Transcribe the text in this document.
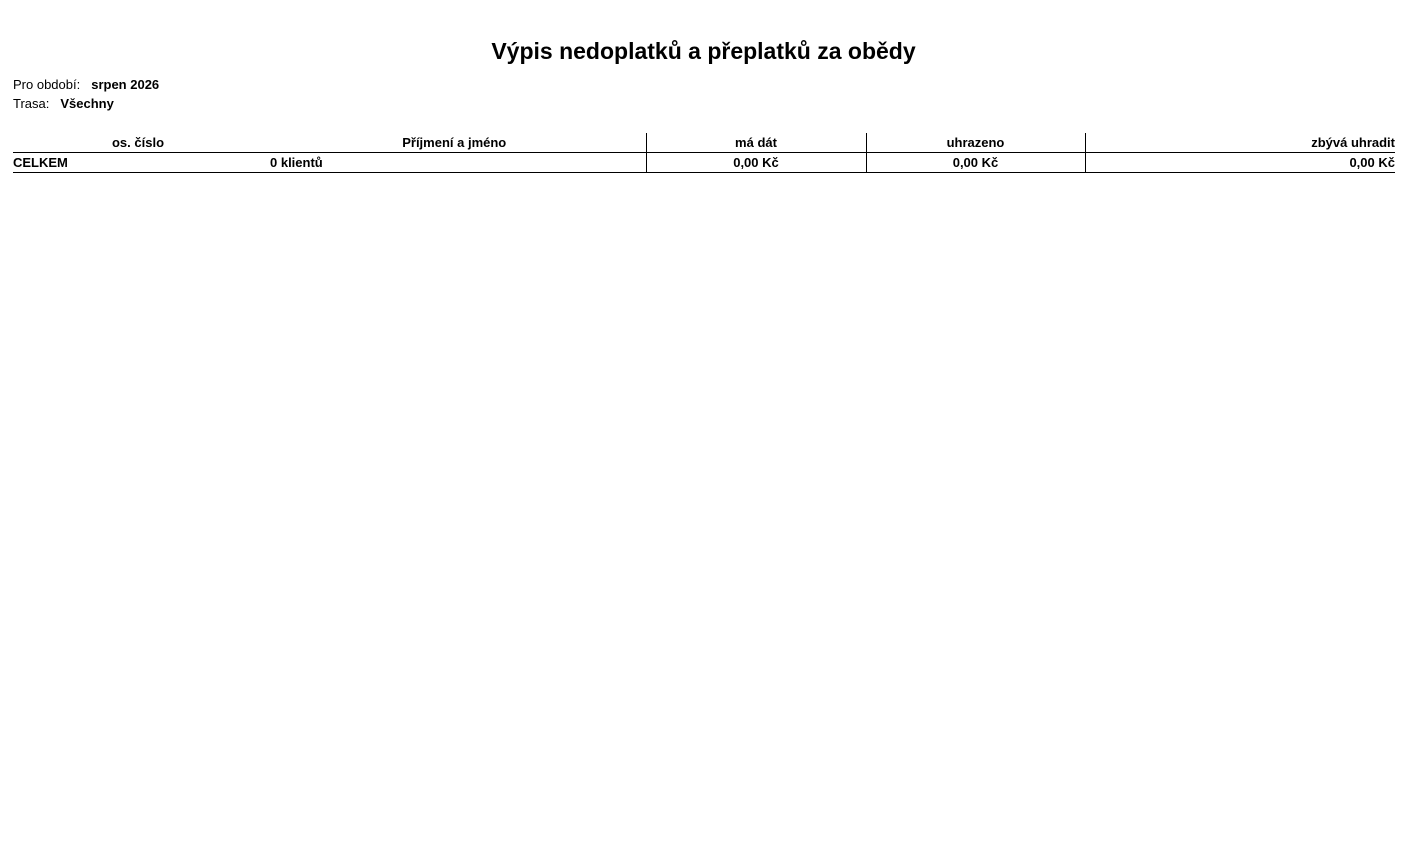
Výpis nedoplatků a přeplatků za obědy
Pro období: srpen 2026
Trasa: Všechny
os. číslo	Příjmení a jméno	má dát	uhrazeno	zbývá uhradit
CELKEM	0 klientů	0,00 Kč	0,00 Kč	0,00 Kč
